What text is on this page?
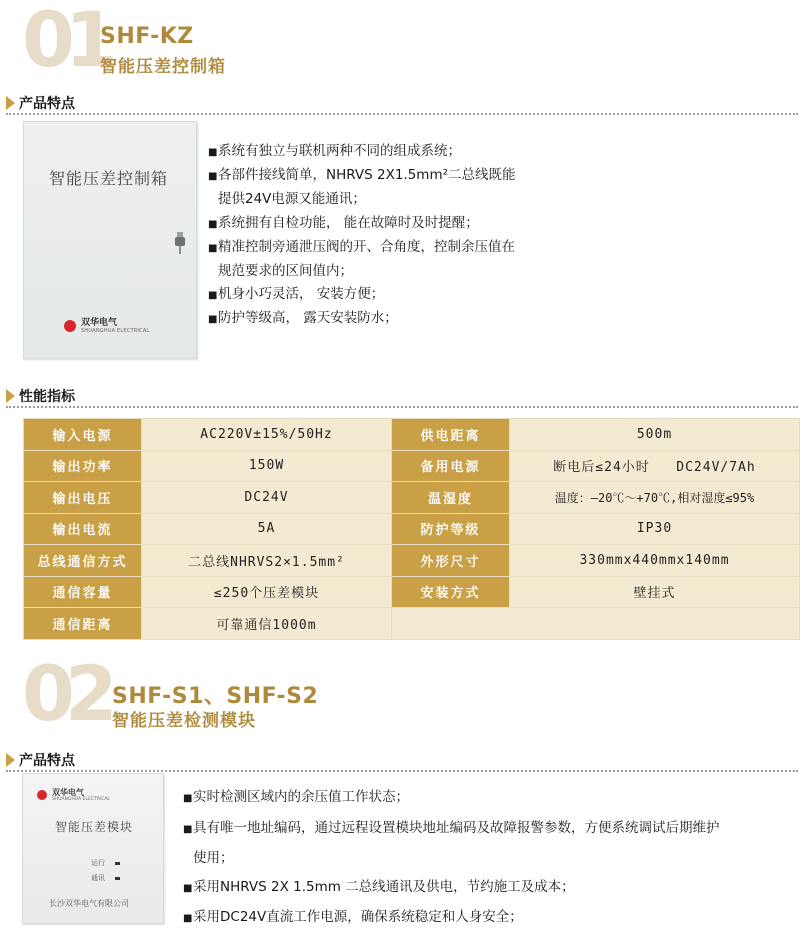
01
SHF-KZ
智能压差控制箱
产品特点
智能压差控制箱
双华电气
SHUANGHUA ELECTRICAL
■系统有独立与联机两种不同的组成系统；
■各部件接线简单，NHRVS 2X1.5mm²二总线既能
提供24V电源又能通讯；
■系统拥有自检功能， 能在故障时及时提醒；
■精准控制旁通泄压阀的开、合角度，控制余压值在
规范要求的区间值内；
■机身小巧灵活， 安装方便；
■防护等级高， 露天安装防水；
性能指标
输入电源	AC220V±15%/50Hz	供电距离	500m
输出功率	150W	备用电源	断电后≤24小时   DC24V/7Ah
输出电压	DC24V	温湿度	温度：—20℃～+70℃,相对湿度≤95%
输出电流	5A	防护等级	IP30
总线通信方式	二总线NHRVS2×1.5mm²	外形尺寸	330mmx440mmx140mm
通信容量	≤250个压差模块	安装方式	壁挂式
通信距离	可靠通信1000m		
02 SHF-S1、SHF-S2
智能压差检测模块
产品特点
双华电气
SHUANGHUA ELECTRICAL
智能压差模块
运行
通讯
长沙双华电气有限公司
■实时检测区域内的余压值工作状态；
■具有唯一地址编码，通过远程设置模块地址编码及故障报警参数，方便系统调试后期维护
使用；
■采用NHRVS 2X 1.5mm 二总线通讯及供电，节约施工及成本；
■采用DC24V直流工作电源，确保系统稳定和人身安全；
